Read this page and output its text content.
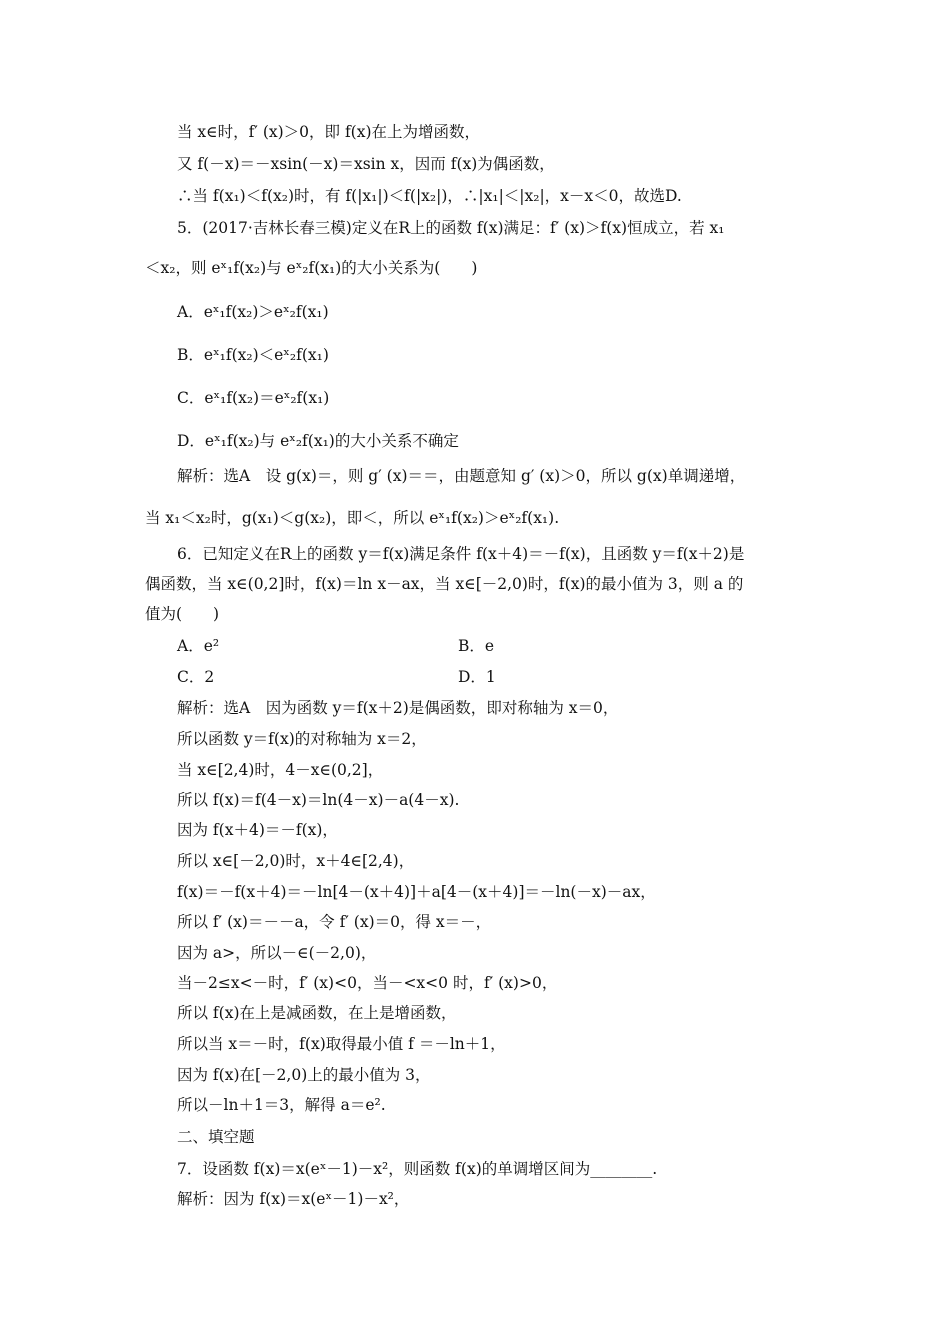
当 x∈时，f′ (x)＞0，即 f(x)在上为增函数，
又 f(－x)＝－xsin(－x)＝xsin x，因而 f(x)为偶函数，
∴当 f(x₁)＜f(x₂)时，有 f(|x₁|)＜f(|x₂|)，∴|x₁|＜|x₂|，x－x＜0，故选D.
5．(2017·吉林长春三模)定义在R上的函数 f(x)满足：f′ (x)＞f(x)恒成立，若 x₁
＜x₂，则 eˣ₁f(x₂)与 eˣ₂f(x₁)的大小关系为(　　)
A．eˣ₁f(x₂)＞eˣ₂f(x₁)
B．eˣ₁f(x₂)＜eˣ₂f(x₁)
C．eˣ₁f(x₂)＝eˣ₂f(x₁)
D．eˣ₁f(x₂)与 eˣ₂f(x₁)的大小关系不确定
解析：选A　设 g(x)＝，则 g′ (x)＝＝，由题意知 g′ (x)＞0，所以 g(x)单调递增，
当 x₁＜x₂时，g(x₁)＜g(x₂)，即＜，所以 eˣ₁f(x₂)＞eˣ₂f(x₁).
6．已知定义在R上的函数 y＝f(x)满足条件 f(x＋4)＝－f(x)，且函数 y＝f(x＋2)是
偶函数，当 x∈(0,2]时，f(x)＝ln x－ax，当 x∈[－2,0)时，f(x)的最小值为 3，则 a 的
值为(　　)
A．e²	B．e
C．2	D．1
解析：选A　因为函数 y＝f(x＋2)是偶函数，即对称轴为 x＝0，
所以函数 y＝f(x)的对称轴为 x＝2，
当 x∈[2,4)时，4－x∈(0,2]，
所以 f(x)＝f(4－x)＝ln(4－x)－a(4－x).
因为 f(x＋4)＝－f(x)，
所以 x∈[－2,0)时，x＋4∈[2,4)，
f(x)＝－f(x＋4)＝－ln[4－(x＋4)]＋a[4－(x＋4)]＝－ln(－x)－ax，
所以 f′ (x)＝－－a，令 f′ (x)＝0，得 x＝－，
因为 a>，所以－∈(－2,0)，
当－2≤x<－时，f′ (x)<0，当－<x<0 时，f′ (x)>0，
所以 f(x)在上是减函数，在上是增函数，
所以当 x＝－时，f(x)取得最小值 f ＝－ln＋1，
因为 f(x)在[－2,0)上的最小值为 3，
所以－ln＋1＝3，解得 a＝e².
二、填空题
7．设函数 f(x)＝x(eˣ－1)－x²，则函数 f(x)的单调增区间为________.
解析：因为 f(x)＝x(eˣ－1)－x²，
